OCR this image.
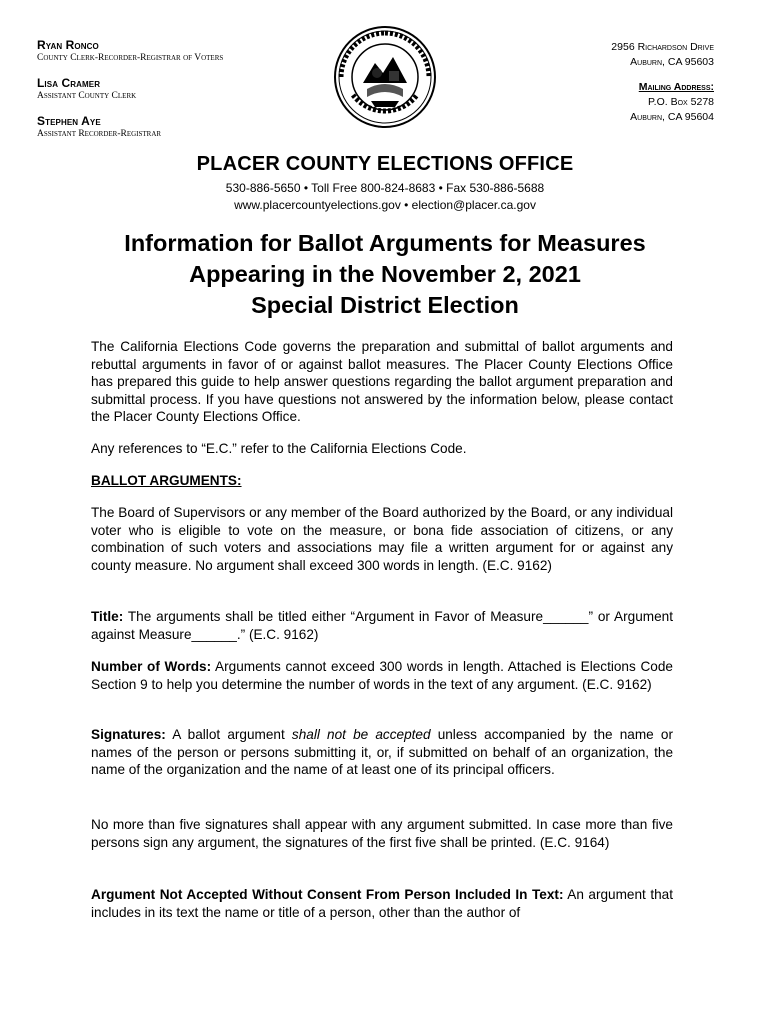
Ryan Ronco
County Clerk-Recorder-Registrar of Voters
Lisa Cramer
Assistant County Clerk
Stephen Aye
Assistant Recorder-Registrar
2956 Richardson Drive
Auburn, CA 95603
Mailing Address:
P.O. Box 5278
Auburn, CA 95604
PLACER COUNTY ELECTIONS OFFICE
530-886-5650 • Toll Free 800-824-8683 • Fax 530-886-5688
www.placercountyelections.gov • election@placer.ca.gov
Information for Ballot Arguments for Measures
Appearing in the November 2, 2021
Special District Election

The California Elections Code governs the preparation and submittal of ballot arguments and rebuttal arguments in favor of or against ballot measures. The Placer County Elections Office has prepared this guide to help answer questions regarding the ballot argument preparation and submittal process. If you have questions not answered by the information below, please contact the Placer County Elections Office.

Any references to “E.C.” refer to the California Elections Code.

BALLOT ARGUMENTS:

The Board of Supervisors or any member of the Board authorized by the Board, or any individual voter who is eligible to vote on the measure, or bona fide association of citizens, or any combination of such voters and associations may file a written argument for or against any county measure. No argument shall exceed 300 words in length. (E.C. 9162)

Title: The arguments shall be titled either “Argument in Favor of Measure______” or Argument against Measure______.” (E.C. 9162)

Number of Words: Arguments cannot exceed 300 words in length. Attached is Elections Code Section 9 to help you determine the number of words in the text of any argument. (E.C. 9162)

Signatures: A ballot argument shall not be accepted unless accompanied by the name or names of the person or persons submitting it, or, if submitted on behalf of an organization, the name of the organization and the name of at least one of its principal officers.

No more than five signatures shall appear with any argument submitted. In case more than five persons sign any argument, the signatures of the first five shall be printed. (E.C. 9164)

Argument Not Accepted Without Consent From Person Included In Text: An argument that includes in its text the name or title of a person, other than the author of
